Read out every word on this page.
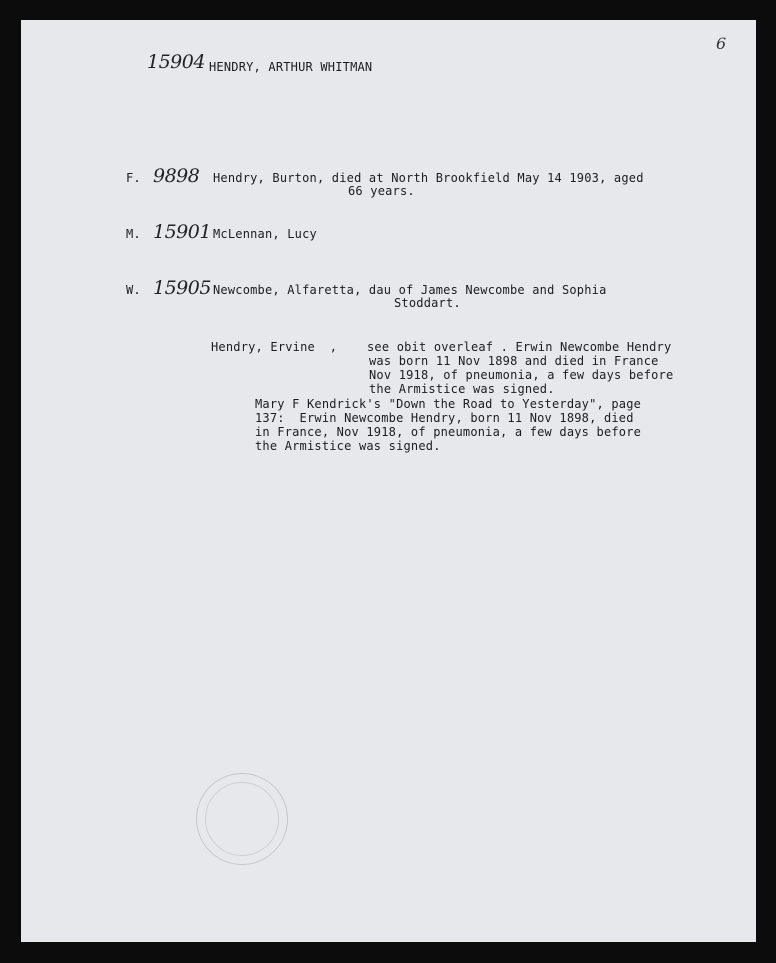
6
15904 HENDRY, ARTHUR WHITMAN
F. 9898 Hendry, Burton, died at North Brookfield May 14 1903, aged
66 years.
M. 15901 McLennan, Lucy
W. 15905 Newcombe, Alfaretta, dau of James Newcombe and Sophia
Stoddart.
Hendry, Ervine  , see obit overleaf . Erwin Newcombe Hendry
was born 11 Nov 1898 and died in France
Nov 1918, of pneumonia, a few days before
the Armistice was signed.
Mary F Kendrick's "Down the Road to Yesterday", page
137:  Erwin Newcombe Hendry, born 11 Nov 1898, died
in France, Nov 1918, of pneumonia, a few days before
the Armistice was signed.
